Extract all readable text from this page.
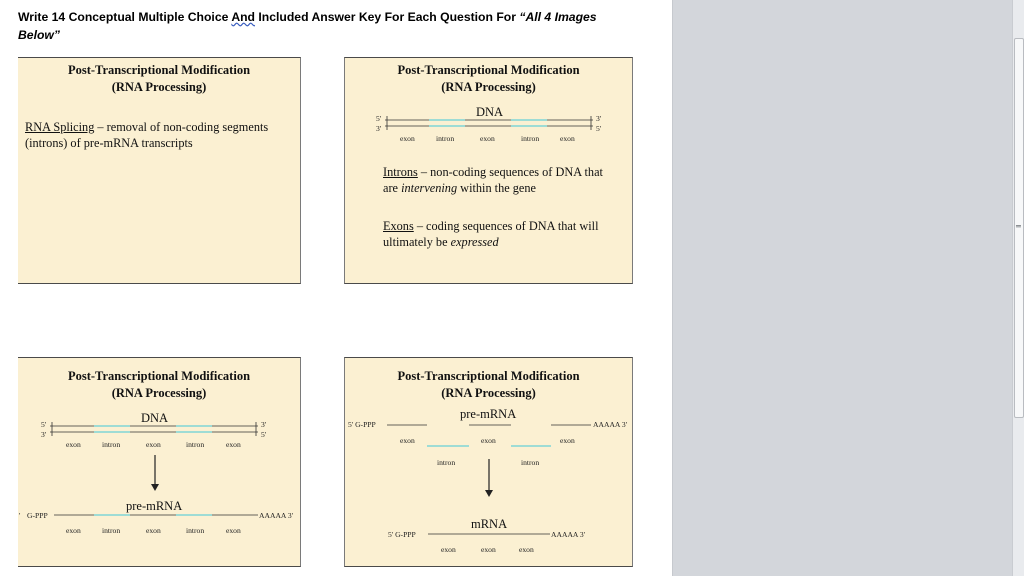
Write 14 Conceptual Multiple Choice And Included Answer Key For Each Question For “All 4 Images
Below”
Post-Transcriptional Modification
(RNA Processing)
RNA Splicing – removal of non-coding segments
(introns) of pre-mRNA transcripts
Post-Transcriptional Modification
(RNA Processing)
DNA
5'
3'
3'
5'
exon	intron	exon	intron	exon
Introns – non-coding sequences of DNA that
are intervening within the gene
Exons – coding sequences of DNA that will
ultimately be expressed
Post-Transcriptional Modification
(RNA Processing)
DNA
5'
3'
3'
5'
exon	intron	exon	intron	exon
pre-mRNA
' G-PPP	AAAAA 3'
exon	intron	exon	intron	exon
Post-Transcriptional Modification
(RNA Processing)
pre-mRNA
5' G-PPP	AAAAA 3'
exon	exon	exon
intron	intron
mRNA
5' G-PPP	AAAAA 3'
exon	exon	exon
═
